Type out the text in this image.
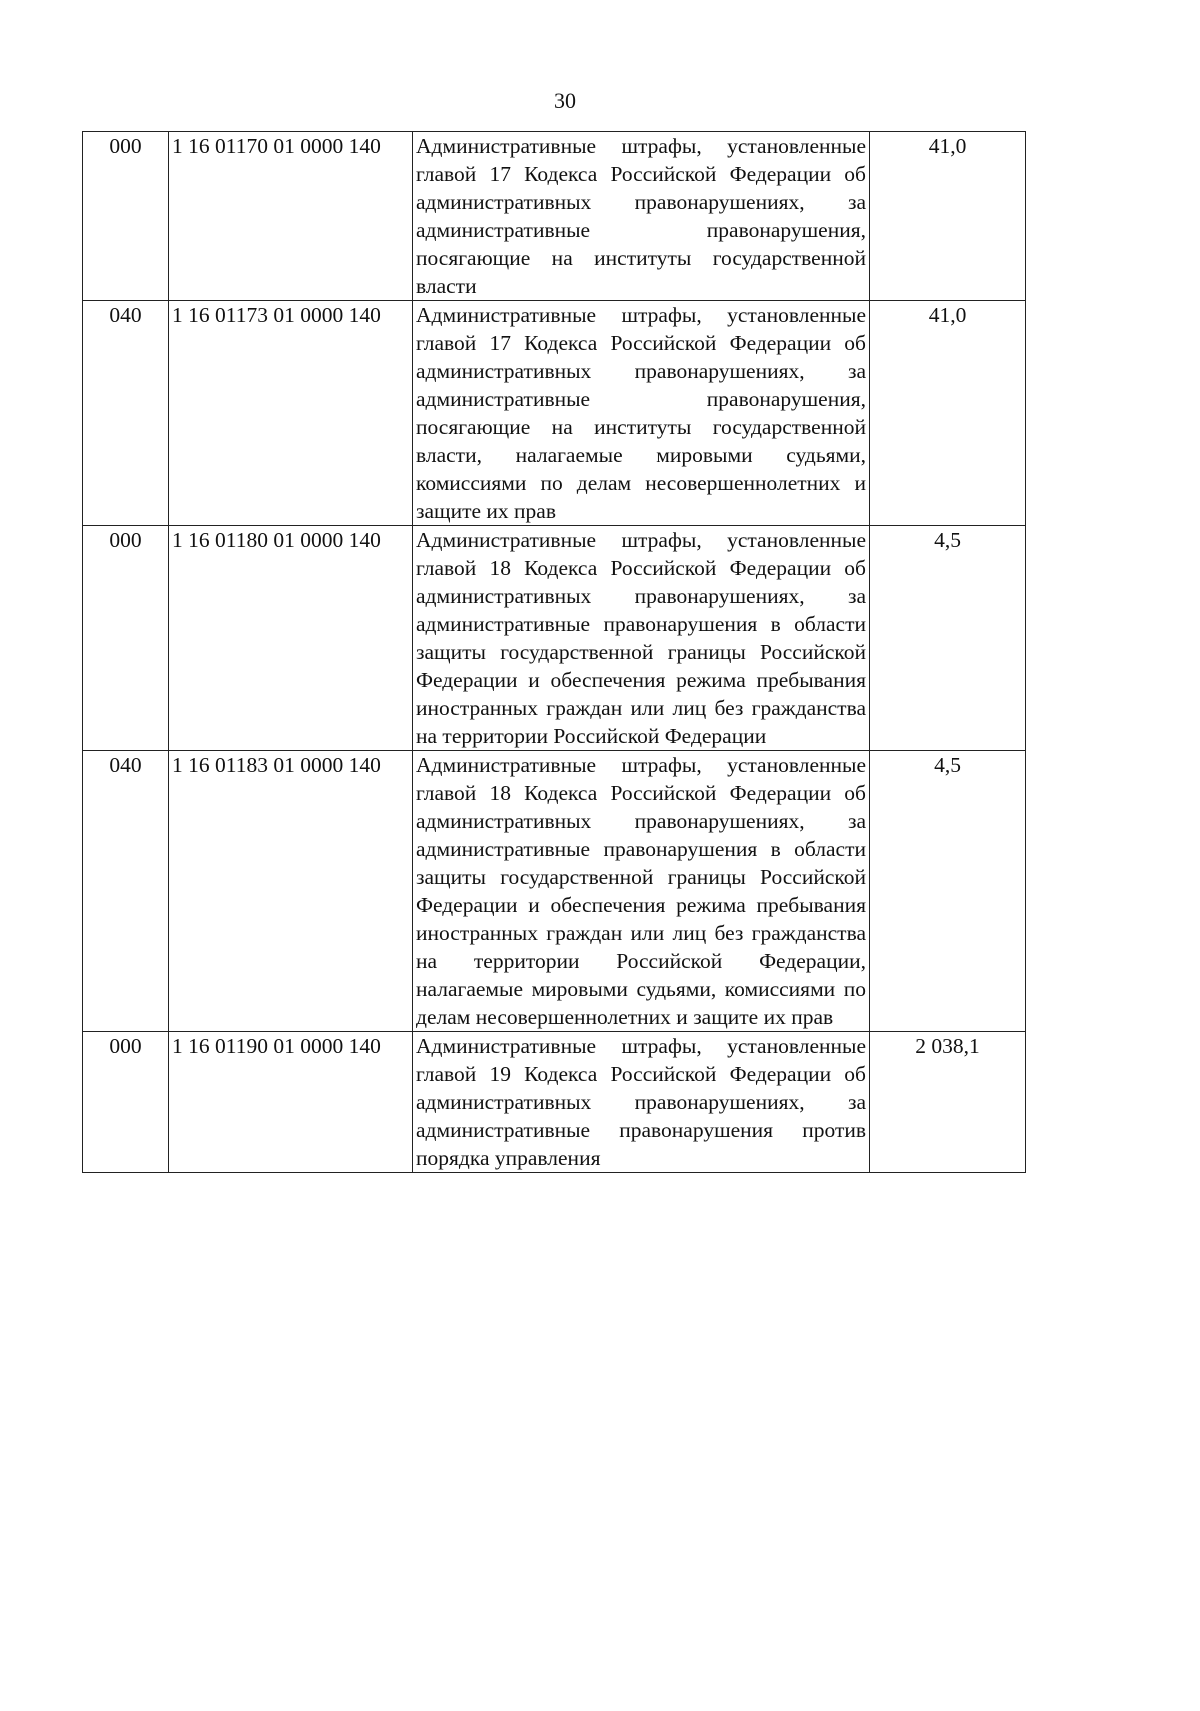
30
000	1 16 01170 01 0000 140	Административные штрафы, установленные главой 17 Кодекса Российской Федерации об административных правонарушениях, за административные правонарушения, посягающие на институты государственной власти	41,0
040	1 16 01173 01 0000 140	Административные штрафы, установленные главой 17 Кодекса Российской Федерации об административных правонарушениях, за административные правонарушения, посягающие на институты государственной власти, налагаемые мировыми судьями, комиссиями по делам несовершеннолетних и защите их прав	41,0
000	1 16 01180 01 0000 140	Административные штрафы, установленные главой 18 Кодекса Российской Федерации об административных правонарушениях, за административные правонарушения в области защиты государственной границы Российской Федерации и обеспечения режима пребывания иностранных граждан или лиц без гражданства на территории Российской Федерации	4,5
040	1 16 01183 01 0000 140	Административные штрафы, установленные главой 18 Кодекса Российской Федерации об административных правонарушениях, за административные правонарушения в области защиты государственной границы Российской Федерации и обеспечения режима пребывания иностранных граждан или лиц без гражданства на территории Российской Федерации, налагаемые мировыми судьями, комиссиями по делам несовершеннолетних и защите их прав	4,5
000	1 16 01190 01 0000 140	Административные штрафы, установленные главой 19 Кодекса Российской Федерации об административных правонарушениях, за административные правонарушения против порядка управления	2 038,1
